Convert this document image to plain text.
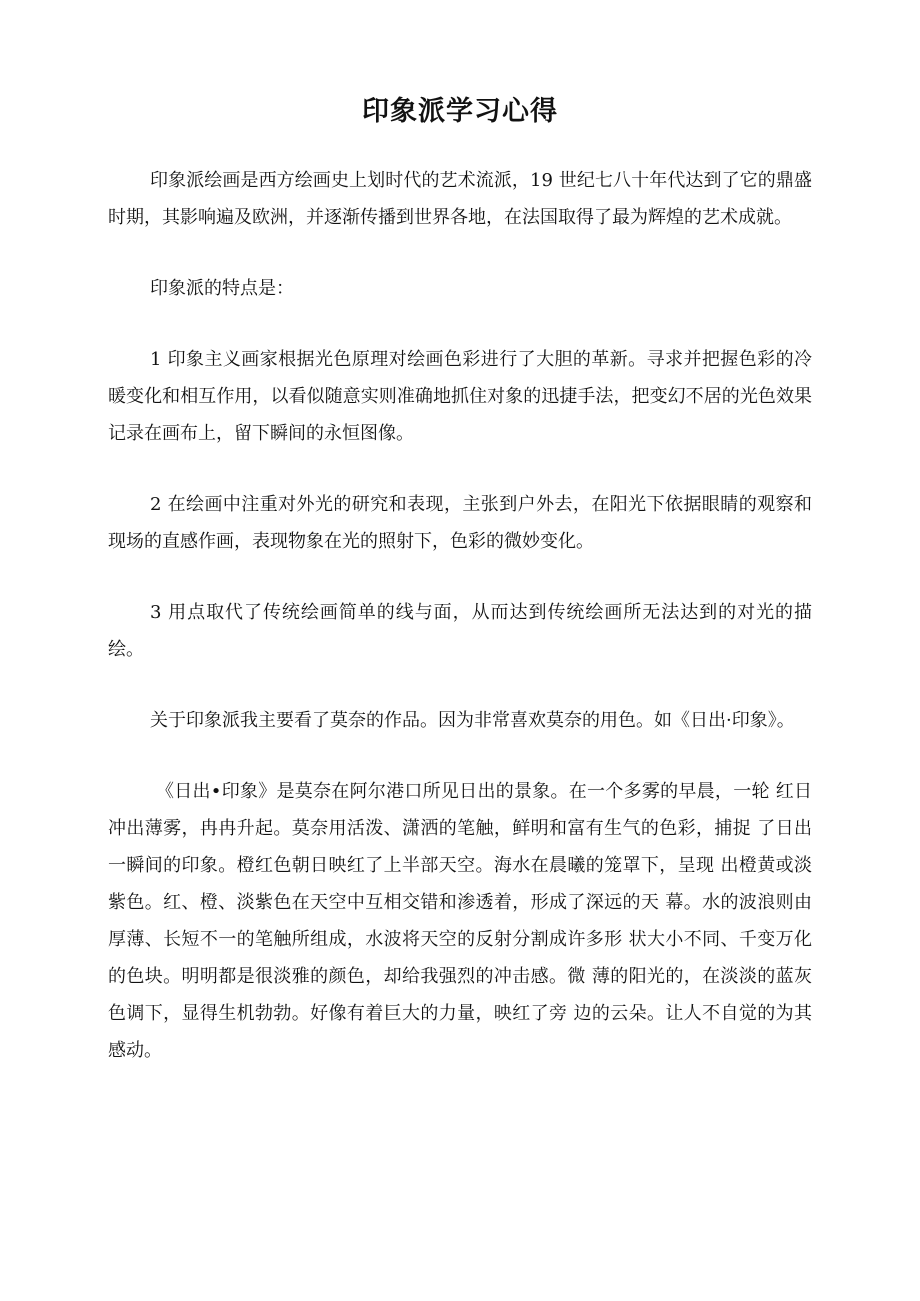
印象派学习心得

印象派绘画是西方绘画史上划时代的艺术流派，19 世纪七八十年代达到了它的鼎盛时期，其影响遍及欧洲，并逐渐传播到世界各地，在法国取得了最为辉煌的艺术成就。

印象派的特点是：

1 印象主义画家根据光色原理对绘画色彩进行了大胆的革新。寻求并把握色彩的冷暖变化和相互作用，以看似随意实则准确地抓住对象的迅捷手法，把变幻不居的光色效果记录在画布上，留下瞬间的永恒图像。

2 在绘画中注重对外光的研究和表现，主张到户外去，在阳光下依据眼睛的观察和现场的直感作画，表现物象在光的照射下，色彩的微妙变化。

3 用点取代了传统绘画简单的线与面，从而达到传统绘画所无法达到的对光的描绘。

关于印象派我主要看了莫奈的作品。因为非常喜欢莫奈的用色。如《日出·印象》。

《日出•印象》是莫奈在阿尔港口所见日出的景象。在一个多雾的早晨，一轮 红日冲出薄雾，冉冉升起。莫奈用活泼、潇洒的笔触，鲜明和富有生气的色彩，捕捉 了日出一瞬间的印象。橙红色朝日映红了上半部天空。海水在晨曦的笼罩下，呈现 出橙黄或淡紫色。红、橙、淡紫色在天空中互相交错和渗透着，形成了深远的天 幕。水的波浪则由厚薄、长短不一的笔触所组成，水波将天空的反射分割成许多形 状大小不同、千变万化的色块。明明都是很淡雅的颜色，却给我强烈的冲击感。微 薄的阳光的，在淡淡的蓝灰色调下，显得生机勃勃。好像有着巨大的力量，映红了旁 边的云朵。让人不自觉的为其感动。
